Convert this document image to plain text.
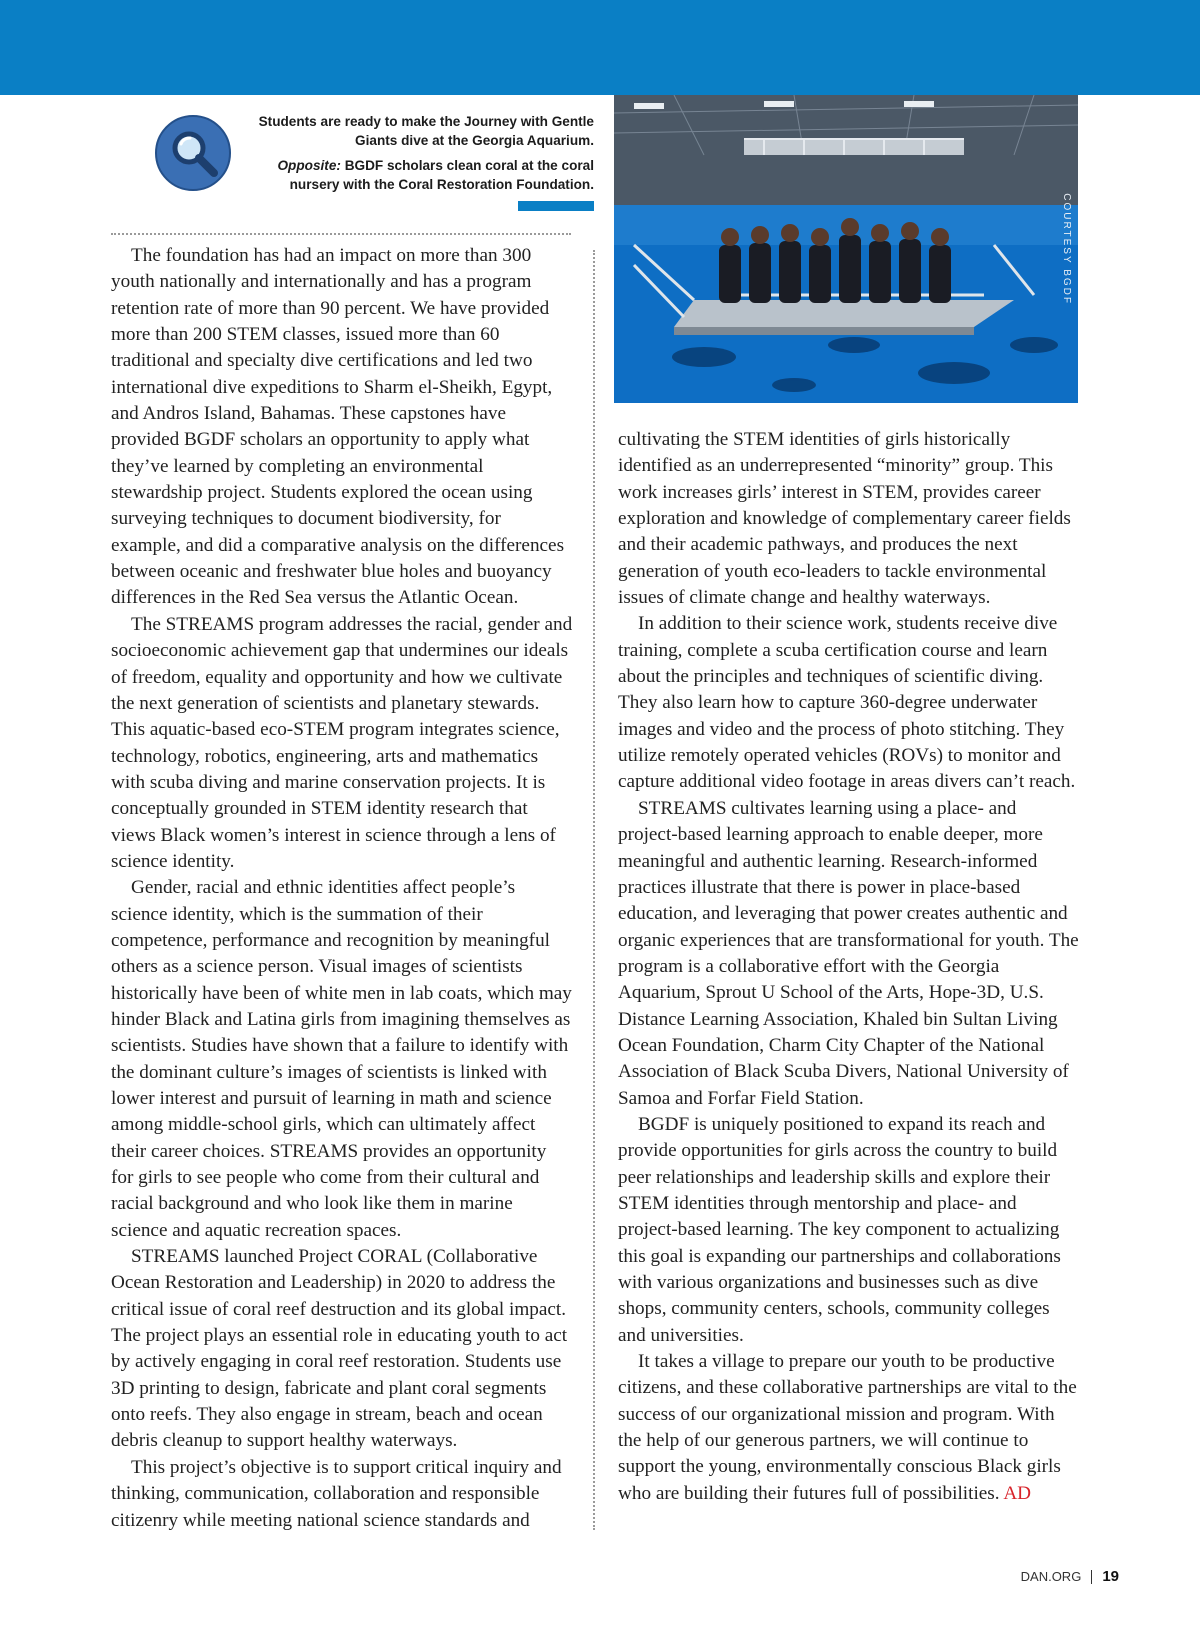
Students are ready to make the Journey with Gentle Giants dive at the Georgia Aquarium.

Opposite: BGDF scholars clean coral at the coral nursery with the Coral Restoration Foundation.

COURTESY BGDF

The foundation has had an impact on more than 300 youth nationally and internationally and has a program retention rate of more than 90 percent. We have provided more than 200 STEM classes, issued more than 60 traditional and specialty dive certifications and led two international dive expeditions to Sharm el-Sheikh, Egypt, and Andros Island, Bahamas. These capstones have provided BGDF scholars an opportunity to apply what they’ve learned by completing an environmental stewardship project. Students explored the ocean using surveying techniques to document biodiversity, for example, and did a comparative analysis on the differences between oceanic and freshwater blue holes and buoyancy differences in the Red Sea versus the Atlantic Ocean.

The STREAMS program addresses the racial, gender and socioeconomic achievement gap that undermines our ideals of freedom, equality and opportunity and how we cultivate the next generation of scientists and planetary stewards. This aquatic-based eco-STEM program integrates science, technology, robotics, engineering, arts and mathematics with scuba diving and marine conservation projects. It is conceptually grounded in STEM identity research that views Black women’s interest in science through a lens of science identity.

Gender, racial and ethnic identities affect people’s science identity, which is the summation of their competence, performance and recognition by meaningful others as a science person. Visual images of scientists historically have been of white men in lab coats, which may hinder Black and Latina girls from imagining themselves as scientists. Studies have shown that a failure to identify with the dominant culture’s images of scientists is linked with lower interest and pursuit of learning in math and science among middle-school girls, which can ultimately affect their career choices. STREAMS provides an opportunity for girls to see people who come from their cultural and racial background and who look like them in marine science and aquatic recreation spaces.

STREAMS launched Project CORAL (Collaborative Ocean Restoration and Leadership) in 2020 to address the critical issue of coral reef destruction and its global impact. The project plays an essential role in educating youth to act by actively engaging in coral reef restoration. Students use 3D printing to design, fabricate and plant coral segments onto reefs. They also engage in stream, beach and ocean debris cleanup to support healthy waterways.

This project’s objective is to support critical inquiry and thinking, communication, collaboration and responsible citizenry while meeting national science standards and

cultivating the STEM identities of girls historically identified as an underrepresented “minority” group. This work increases girls’ interest in STEM, provides career exploration and knowledge of complementary career fields and their academic pathways, and produces the next generation of youth eco-leaders to tackle environmental issues of climate change and healthy waterways.

In addition to their science work, students receive dive training, complete a scuba certification course and learn about the principles and techniques of scientific diving. They also learn how to capture 360-degree underwater images and video and the process of photo stitching. They utilize remotely operated vehicles (ROVs) to monitor and capture additional video footage in areas divers can’t reach.

STREAMS cultivates learning using a place- and project-based learning approach to enable deeper, more meaningful and authentic learning. Research-informed practices illustrate that there is power in place-based education, and leveraging that power creates authentic and organic experiences that are transformational for youth. The program is a collaborative effort with the Georgia Aquarium, Sprout U School of the Arts, Hope-3D, U.S. Distance Learning Association, Khaled bin Sultan Living Ocean Foundation, Charm City Chapter of the National Association of Black Scuba Divers, National University of Samoa and Forfar Field Station.

BGDF is uniquely positioned to expand its reach and provide opportunities for girls across the country to build peer relationships and leadership skills and explore their STEM identities through mentorship and place- and project-based learning. The key component to actualizing this goal is expanding our partnerships and collaborations with various organizations and businesses such as dive shops, community centers, schools, community colleges and universities.

It takes a village to prepare our youth to be productive citizens, and these collaborative partnerships are vital to the success of our organizational mission and program. With the help of our generous partners, we will continue to support the young, environmentally conscious Black girls who are building their futures full of possibilities. AD

DAN.ORG 19
